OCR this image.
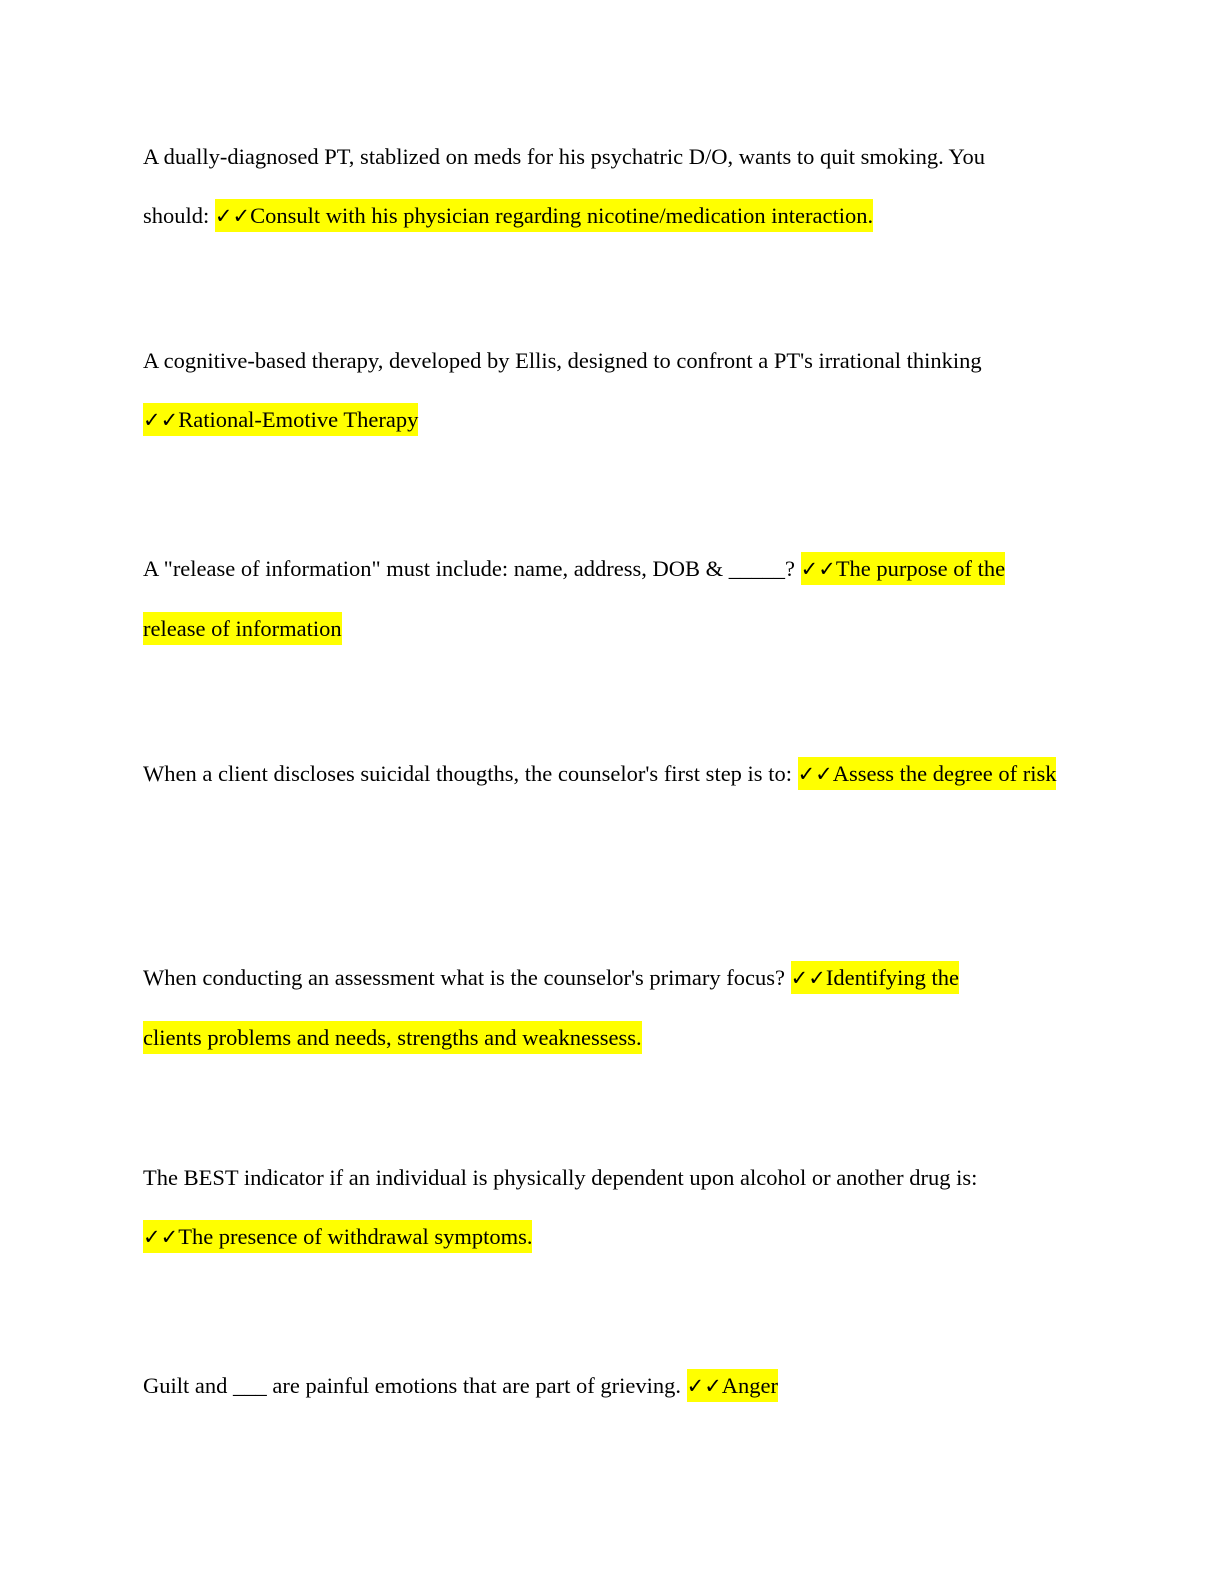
A dually-diagnosed PT, stablized on meds for his psychatric D/O, wants to quit smoking. You should: ✓✓Consult with his physician regarding nicotine/medication interaction.

A cognitive-based therapy, developed by Ellis, designed to confront a PT's irrational thinking ✓✓Rational-Emotive Therapy

A "release of information" must include: name, address, DOB & _____? ✓✓The purpose of the release of information

When a client discloses suicidal thougths, the counselor's first step is to: ✓✓Assess the degree of risk

When conducting an assessment what is the counselor's primary focus? ✓✓Identifying the clients problems and needs, strengths and weaknessess.

The BEST indicator if an individual is physically dependent upon alcohol or another drug is: ✓✓The presence of withdrawal symptoms.

Guilt and ___ are painful emotions that are part of grieving. ✓✓Anger
